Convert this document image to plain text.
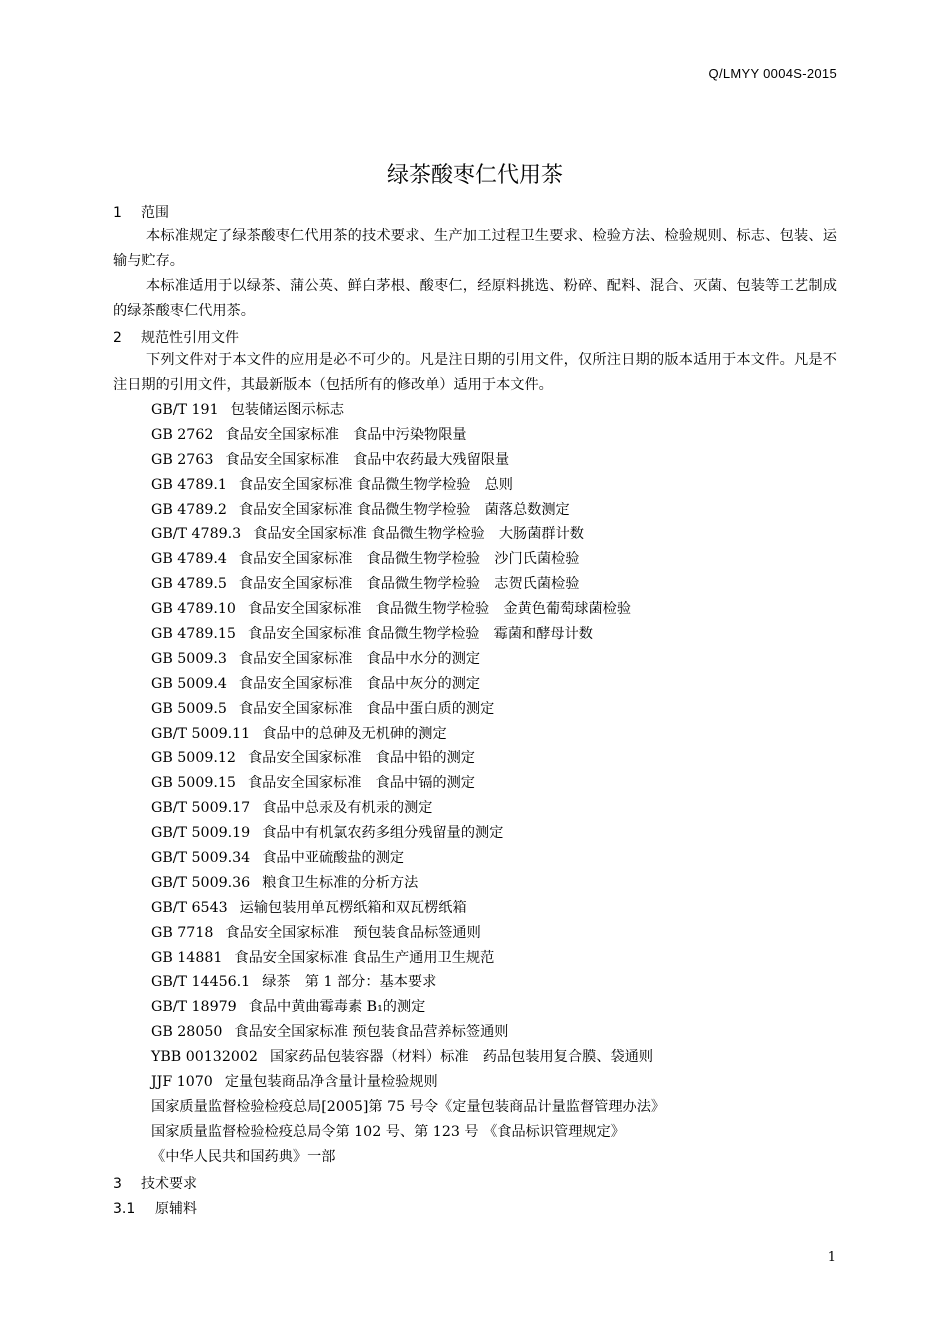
Q/LMYY 0004S-2015
绿茶酸枣仁代用茶
1 范围
本标准规定了绿茶酸枣仁代用茶的技术要求、生产加工过程卫生要求、检验方法、检验规则、标志、包装、运输与贮存。
本标准适用于以绿茶、蒲公英、鲜白茅根、酸枣仁，经原料挑选、粉碎、配料、混合、灭菌、包装等工艺制成的绿茶酸枣仁代用茶。
2 规范性引用文件
下列文件对于本文件的应用是必不可少的。凡是注日期的引用文件，仅所注日期的版本适用于本文件。凡是不注日期的引用文件，其最新版本（包括所有的修改单）适用于本文件。
GB/T 191 包装储运图示标志
GB 2762 食品安全国家标准　食品中污染物限量
GB 2763 食品安全国家标准　食品中农药最大残留限量
GB 4789.1 食品安全国家标准 食品微生物学检验　总则
GB 4789.2 食品安全国家标准 食品微生物学检验　菌落总数测定
GB/T 4789.3 食品安全国家标准 食品微生物学检验　大肠菌群计数
GB 4789.4 食品安全国家标准　食品微生物学检验　沙门氏菌检验
GB 4789.5 食品安全国家标准　食品微生物学检验　志贺氏菌检验
GB 4789.10 食品安全国家标准　食品微生物学检验　金黄色葡萄球菌检验
GB 4789.15 食品安全国家标准 食品微生物学检验　霉菌和酵母计数
GB 5009.3 食品安全国家标准　食品中水分的测定
GB 5009.4 食品安全国家标准　食品中灰分的测定
GB 5009.5 食品安全国家标准　食品中蛋白质的测定
GB/T 5009.11 食品中的总砷及无机砷的测定
GB 5009.12 食品安全国家标准　食品中铅的测定
GB 5009.15 食品安全国家标准　食品中镉的测定
GB/T 5009.17 食品中总汞及有机汞的测定
GB/T 5009.19 食品中有机氯农药多组分残留量的测定
GB/T 5009.34 食品中亚硫酸盐的测定
GB/T 5009.36 粮食卫生标准的分析方法
GB/T 6543 运输包装用单瓦楞纸箱和双瓦楞纸箱
GB 7718 食品安全国家标准　预包装食品标签通则
GB 14881 食品安全国家标准 食品生产通用卫生规范
GB/T 14456.1 绿茶　第 1 部分：基本要求
GB/T 18979 食品中黄曲霉毒素 B₁的测定
GB 28050 食品安全国家标准 预包装食品营养标签通则
YBB 00132002 国家药品包装容器（材料）标准　药品包装用复合膜、袋通则
JJF 1070 定量包装商品净含量计量检验规则
国家质量监督检验检疫总局[2005]第 75 号令《定量包装商品计量监督管理办法》
国家质量监督检验检疫总局令第 102 号、第 123 号 《食品标识管理规定》
《中华人民共和国药典》一部
3 技术要求
3.1 原辅料
1
